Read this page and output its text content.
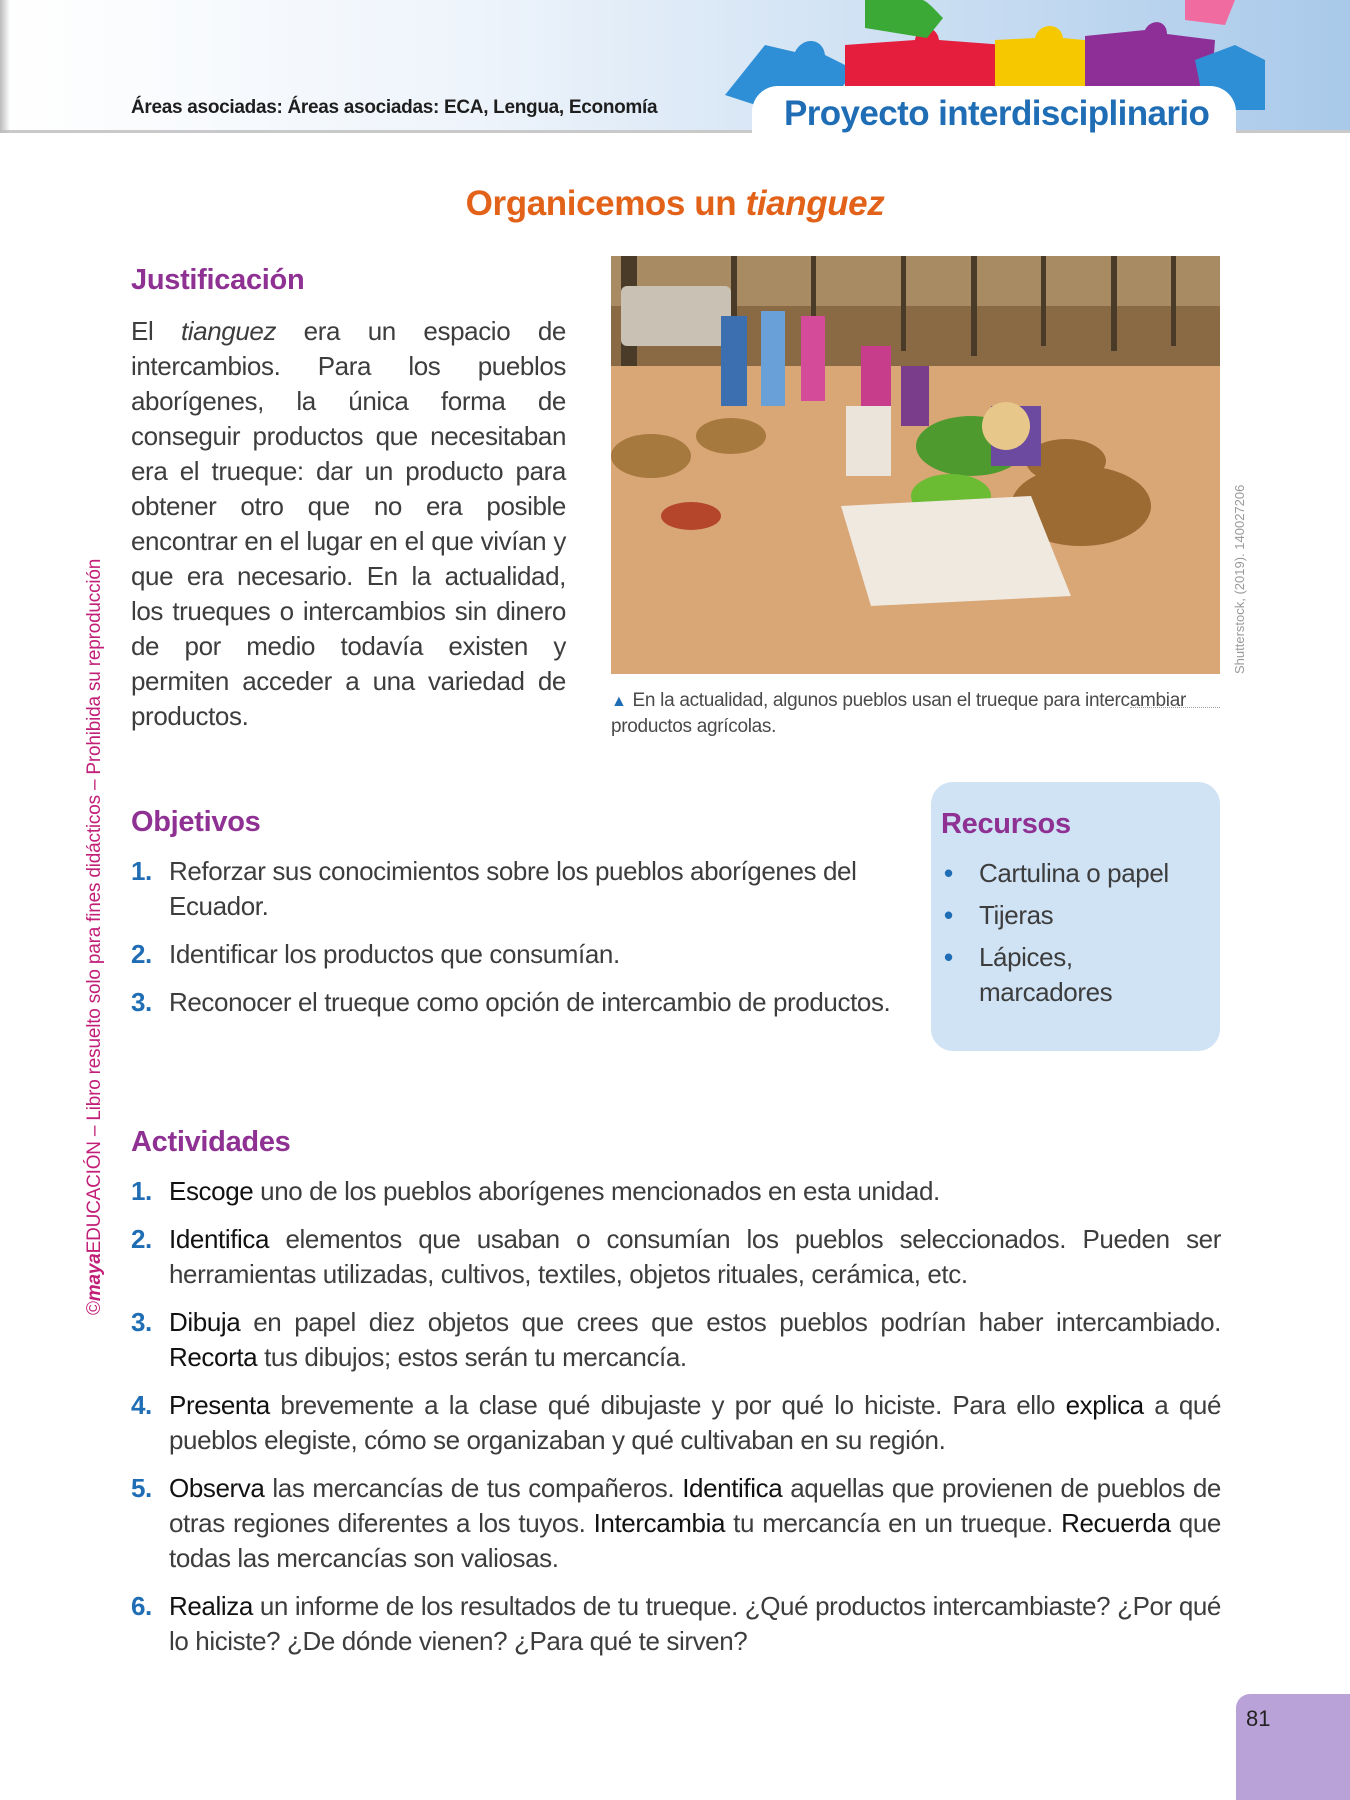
Áreas asociadas: Áreas asociadas: ECA, Lengua, Economía	Proyecto interdisciplinario
©mayaEDUCACIÓN – Libro resuelto solo para fines didácticos – Prohibida su reproducción
Organicemos un tianguez
Justificación
El tianguez era un espacio de intercambios. Para los pueblos aborígenes, la única forma de conseguir productos que necesitaban era el trueque: dar un producto para obtener otro que no era posible encontrar en el lugar en el que vivían y que era necesario. En la actualidad, los trueques o intercambios sin dinero de por medio todavía existen y permiten acceder a una variedad de productos.
Shutterstock, (2019). 140027206
▲ En la actualidad, algunos pueblos usan el trueque para intercambiar productos agrícolas.
Objetivos
1. Reforzar sus conocimientos sobre los pueblos aborígenes del Ecuador.
2. Identificar los productos que consumían.
3. Reconocer el trueque como opción de intercambio de productos.
Recursos
• Cartulina o papel
• Tijeras
• Lápices, marcadores
Actividades
1. Escoge uno de los pueblos aborígenes mencionados en esta unidad.
2. Identifica elementos que usaban o consumían los pueblos seleccionados. Pueden ser herramientas utilizadas, cultivos, textiles, objetos rituales, cerámica, etc.
3. Dibuja en papel diez objetos que crees que estos pueblos podrían haber intercambiado. Recorta tus dibujos; estos serán tu mercancía.
4. Presenta brevemente a la clase qué dibujaste y por qué lo hiciste. Para ello explica a qué pueblos elegiste, cómo se organizaban y qué cultivaban en su región.
5. Observa las mercancías de tus compañeros. Identifica aquellas que provienen de pueblos de otras regiones diferentes a los tuyos. Intercambia tu mercancía en un trueque. Recuerda que todas las mercancías son valiosas.
6. Realiza un informe de los resultados de tu trueque. ¿Qué productos intercambiaste? ¿Por qué lo hiciste? ¿De dónde vienen? ¿Para qué te sirven?
81
